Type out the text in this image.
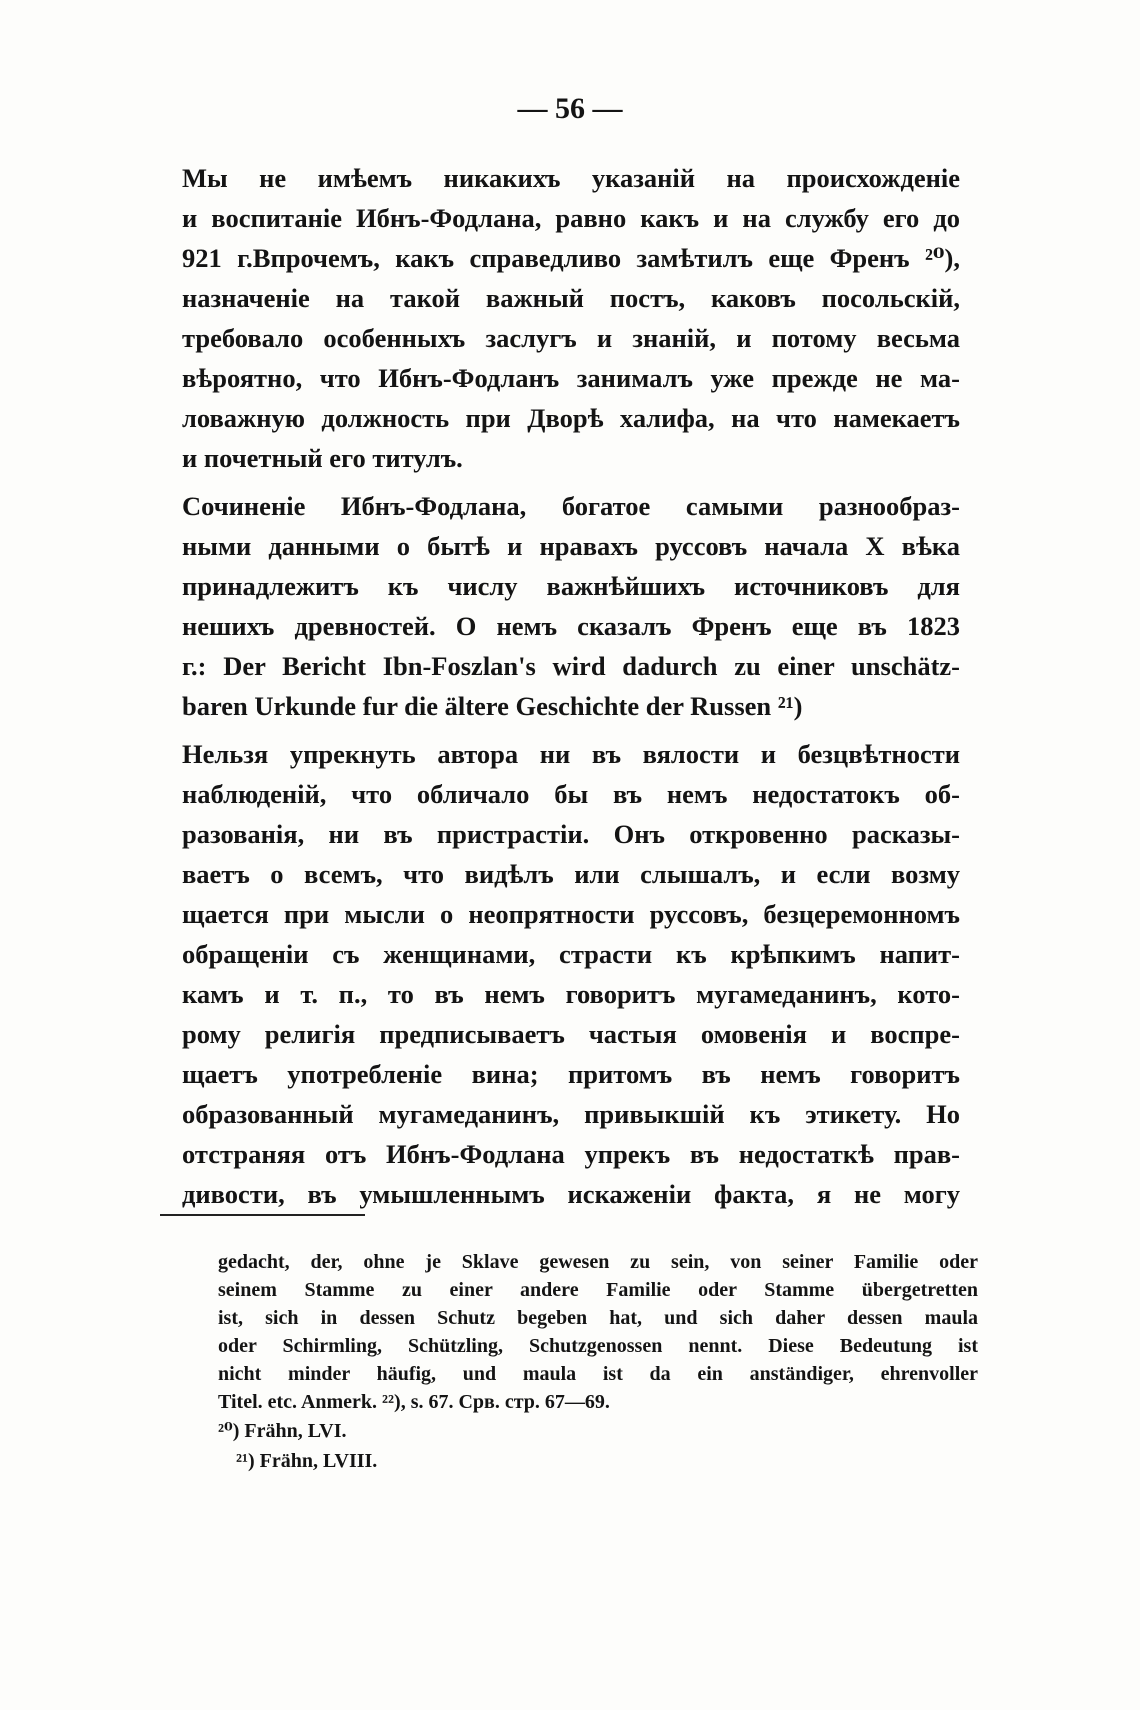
— 56 —
Мы не имѣемъ никакихъ указаній на происхожденіе
и воспитаніе Ибнъ-Фодлана, равно какъ и на службу его до
921 г.Впрочемъ, какъ справедливо замѣтилъ еще Френъ ²⁰),
назначеніе на такой важный постъ, каковъ посольскій,
требовало особенныхъ заслугъ и знаній, и потому весьма
вѣроятно, что Ибнъ-Фодланъ занималъ уже прежде не ма-
ловажную должность при Дворѣ халифа, на что намекаетъ
и почетный его титулъ.
Сочиненіе Ибнъ-Фодлана, богатое самыми разнообраз-
ными данными о бытѣ и нравахъ руссовъ начала X вѣка
принадлежитъ къ числу важнѣйшихъ источниковъ для
нешихъ древностей. О немъ сказалъ Френъ еще въ 1823
г.: Der Bericht Ibn-Foszlan's wird dadurch zu einer unschätz-
baren Urkunde fur die ältere Geschichte der Russen ²¹)
Нельзя упрекнуть автора ни въ вялости и безцвѣтности
наблюденій, что обличало бы въ немъ недостатокъ об-
разованія, ни въ пристрастіи. Онъ откровенно расказы-
ваетъ о всемъ, что видѣлъ или слышалъ, и если возму
щается при мысли о неопрятности руссовъ, безцеремонномъ
обращеніи съ женщинами, страсти къ крѣпкимъ напит-
камъ и т. п., то въ немъ говоритъ мугамеданинъ, кото-
рому религія предписываетъ частыя омовенія и воспре-
щаетъ употребленіе вина; притомъ въ немъ говоритъ
образованный мугамеданинъ, привыкшій къ этикету. Но
отстраняя отъ Ибнъ-Фодлана упрекъ въ недостаткѣ прав-
дивости, въ умышленнымъ искаженіи факта, я не могу
gedacht, der, ohne je Sklave gewesen zu sein, von seiner Familie oder
seinem Stamme zu einer andere Familie oder Stamme übergetretten
ist, sich in dessen Schutz begeben hat, und sich daher dessen maula
oder Schirmling, Schützling, Schutzgenossen nennt. Diese Bedeutung ist
nicht minder häufig, und maula ist da ein anständiger, ehrenvoller
Titel. etc. Anmerk. ²²), s. 67. Срв. стр. 67—69.
²⁰) Frähn, LVI.
²¹) Frähn, LVIII.
